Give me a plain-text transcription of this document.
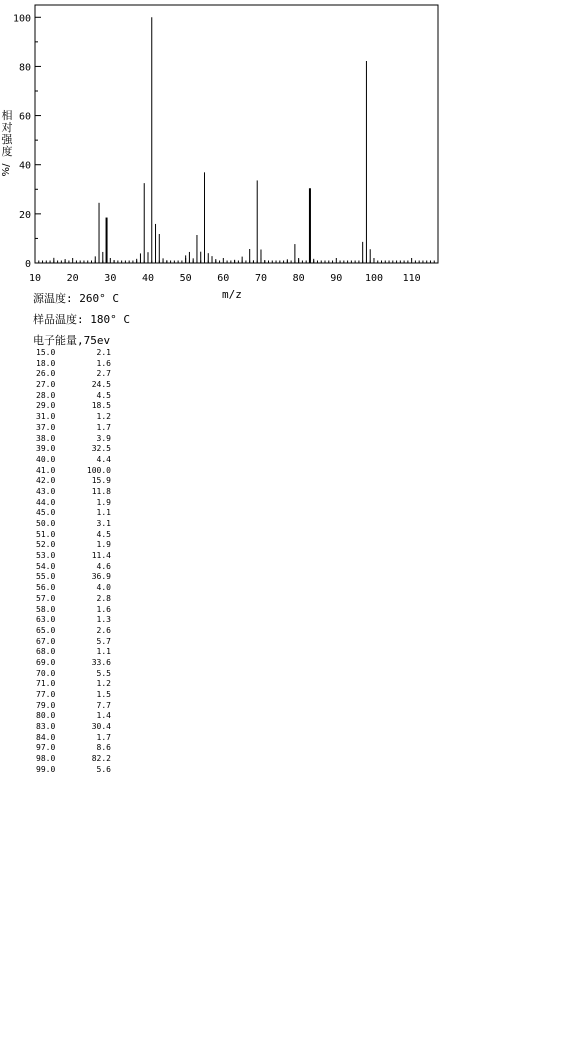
0
20
40
60
80
100
10	20	30	40	50	60	70	80	90 100 110
相
对
强
度
%/
m/z
源温度: 260° C
样品温度: 180° C
电子能量,75ev
15.0	2.1
18.0	1.6
26.0	2.7
27.0	24.5
28.0	4.5
29.0	18.5
31.0	1.2
37.0	1.7
38.0	3.9
39.0	32.5
40.0	4.4
41.0	100.0
42.0	15.9
43.0	11.8
44.0	1.9
45.0	1.1
50.0	3.1
51.0	4.5
52.0	1.9
53.0	11.4
54.0	4.6
55.0	36.9
56.0	4.0
57.0	2.8
58.0	1.6
63.0	1.3
65.0	2.6
67.0	5.7
68.0	1.1
69.0	33.6
70.0	5.5
71.0	1.2
77.0	1.5
79.0	7.7
80.0	1.4
83.0	30.4
84.0	1.7
97.0	8.6
98.0	82.2
99.0	5.6
